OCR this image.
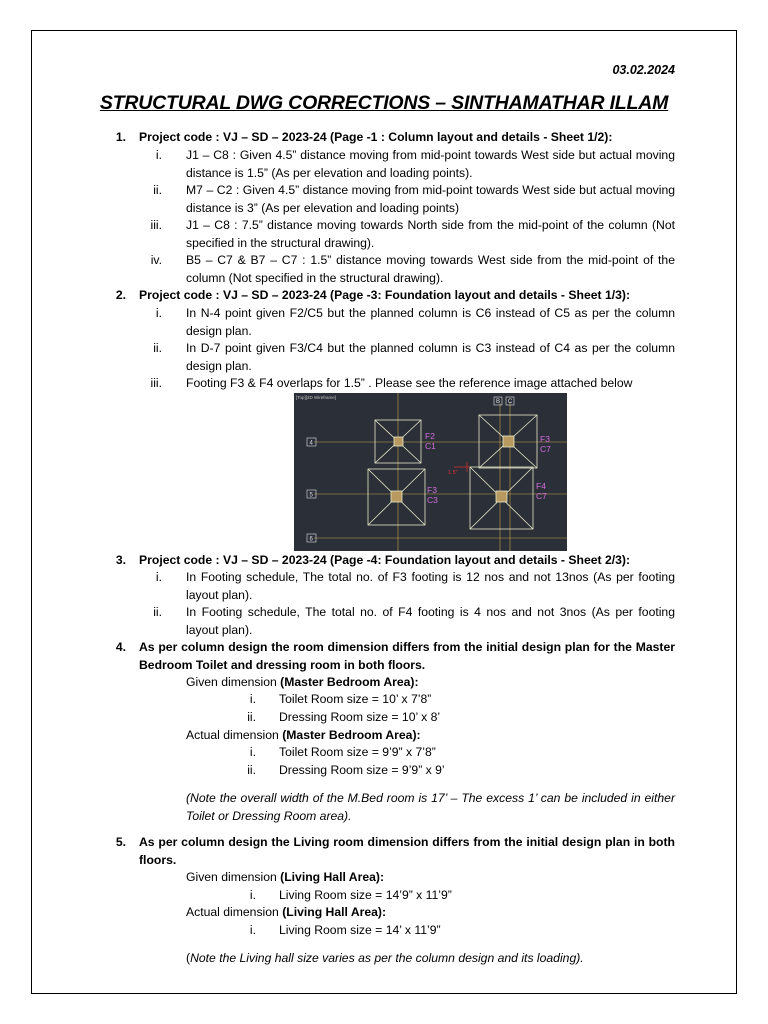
03.02.2024
STRUCTURAL DWG CORRECTIONS – SINTHAMATHAR ILLAM
1. Project code : VJ – SD – 2023-24 (Page -1 : Column layout and details - Sheet 1/2):
i. J1 – C8 : Given 4.5” distance moving from mid-point towards West side but actual moving distance is 1.5” (As per elevation and loading points).
ii. M7 – C2 : Given 4.5” distance moving from mid-point towards West side but actual moving distance is 3” (As per elevation and loading points)
iii. J1 – C8 : 7.5” distance moving towards North side from the mid-point of the column (Not specified in the structural drawing).
iv. B5 – C7 & B7 – C7 : 1.5” distance moving towards West side from the mid-point of the column (Not specified in the structural drawing).
2. Project code : VJ – SD – 2023-24 (Page -3: Foundation layout and details - Sheet 1/3):
i. In N-4 point given F2/C5 but the planned column is C6 instead of C5 as per the column design plan.
ii. In D-7 point given F3/C4 but the planned column is C3 instead of C4 as per the column design plan.
iii. Footing F3 & F4 overlaps for 1.5” . Please see the reference image attached below
[Top][2D Wireframe]
B C
4
5
6
1.5"
F2
C1
F3
C7
F3
C3
F4
C7
3. Project code : VJ – SD – 2023-24 (Page -4: Foundation layout and details - Sheet 2/3):
i. In Footing schedule, The total no. of F3 footing is 12 nos and not 13nos (As per footing layout plan).
ii. In Footing schedule, The total no. of F4 footing is 4 nos and not 3nos (As per footing layout plan).
4. As per column design the room dimension differs from the initial design plan for the Master Bedroom Toilet and dressing room in both floors.
Given dimension (Master Bedroom Area):
i. Toilet Room size = 10’ x 7’8”
ii. Dressing Room size = 10’ x 8’
Actual dimension (Master Bedroom Area):
i. Toilet Room size = 9’9” x 7’8”
ii. Dressing Room size = 9’9” x 9’
(Note the overall width of the M.Bed room is 17’ – The excess 1’ can be included in either Toilet or Dressing Room area).
5. As per column design the Living room dimension differs from the initial design plan in both floors.
Given dimension (Living Hall Area):
i. Living Room size = 14’9” x 11’9”
Actual dimension (Living Hall Area):
i. Living Room size = 14’ x 11’9”
(Note the Living hall size varies as per the column design and its loading).
